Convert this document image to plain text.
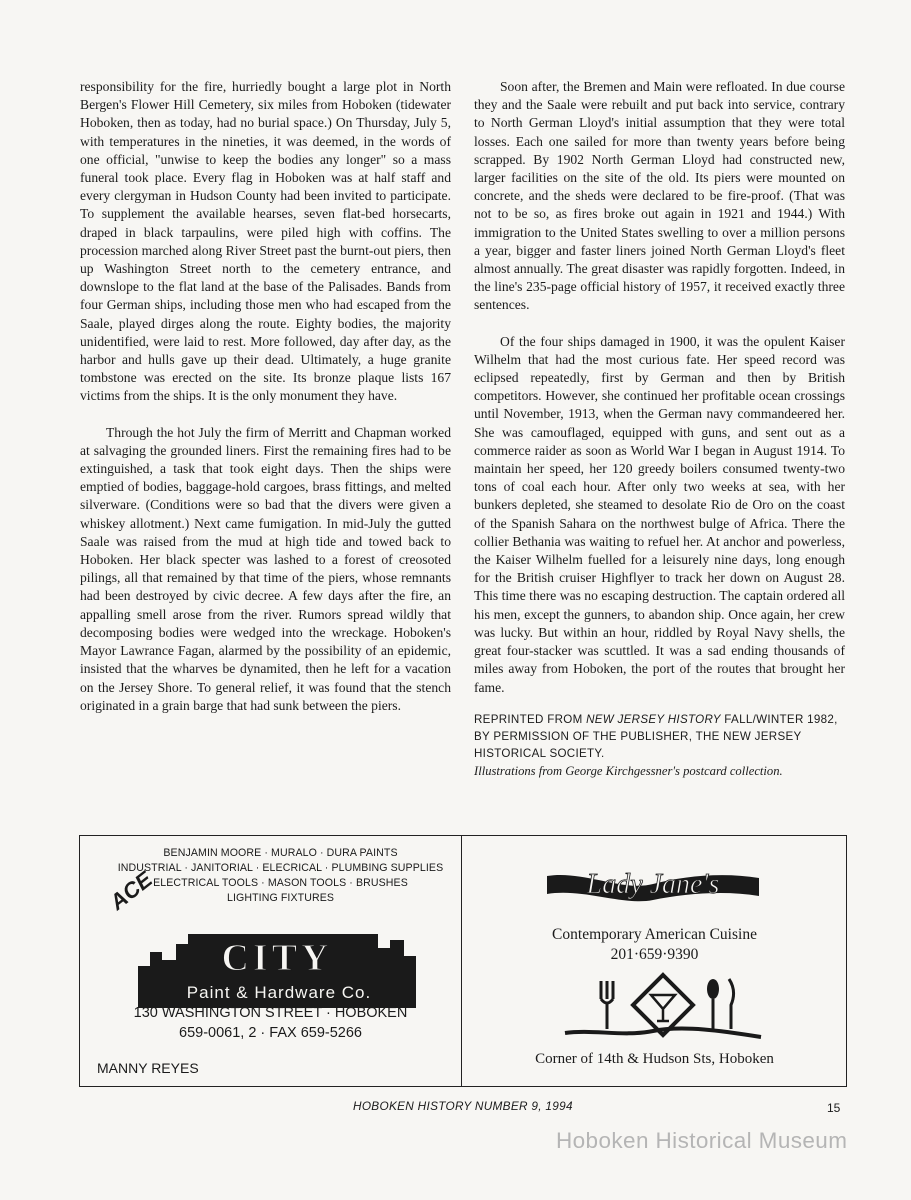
responsibility for the fire, hurriedly bought a large plot in North Bergen's Flower Hill Cemetery, six miles from Hoboken (tidewater Hoboken, then as today, had no burial space.) On Thursday, July 5, with temperatures in the nineties, it was deemed, in the words of one official, "unwise to keep the bodies any longer" so a mass funeral took place. Every flag in Hoboken was at half staff and every clergyman in Hudson County had been invited to participate. To supplement the available hearses, seven flat-bed horsecarts, draped in black tarpaulins, were piled high with coffins. The procession marched along River Street past the burnt-out piers, then up Washington Street north to the cemetery entrance, and downslope to the flat land at the base of the Palisades. Bands from four German ships, including those men who had escaped from the Saale, played dirges along the route. Eighty bodies, the majority unidentified, were laid to rest. More followed, day after day, as the harbor and hulls gave up their dead. Ultimately, a huge granite tombstone was erected on the site. Its bronze plaque lists 167 victims from the ships. It is the only monument they have.

Through the hot July the firm of Merritt and Chapman worked at salvaging the grounded liners. First the remaining fires had to be extinguished, a task that took eight days. Then the ships were emptied of bodies, baggage-hold cargoes, brass fittings, and melted silverware. (Conditions were so bad that the divers were given a whiskey allotment.) Next came fumigation. In mid-July the gutted Saale was raised from the mud at high tide and towed back to Hoboken. Her black specter was lashed to a forest of creosoted pilings, all that remained by that time of the piers, whose remnants had been destroyed by civic decree. A few days after the fire, an appalling smell arose from the river. Rumors spread wildly that decomposing bodies were wedged into the wreckage. Hoboken's Mayor Lawrance Fagan, alarmed by the possibility of an epidemic, insisted that the wharves be dynamited, then he left for a vacation on the Jersey Shore. To general relief, it was found that the stench originated in a grain barge that had sunk between the piers.

Soon after, the Bremen and Main were refloated. In due course they and the Saale were rebuilt and put back into service, contrary to North German Lloyd's initial assumption that they were total losses. Each one sailed for more than twenty years before being scrapped. By 1902 North German Lloyd had constructed new, larger facilities on the site of the old. Its piers were mounted on concrete, and the sheds were declared to be fire-proof. (That was not to be so, as fires broke out again in 1921 and 1944.) With immigration to the United States swelling to over a million persons a year, bigger and faster liners joined North German Lloyd's fleet almost annually. The great disaster was rapidly forgotten. Indeed, in the line's 235-page official history of 1957, it received exactly three sentences.

Of the four ships damaged in 1900, it was the opulent Kaiser Wilhelm that had the most curious fate. Her speed record was eclipsed repeatedly, first by German and then by British competitors. However, she continued her profitable ocean crossings until November, 1913, when the German navy commandeered her. She was camouflaged, equipped with guns, and sent out as a commerce raider as soon as World War I began in August 1914. To maintain her speed, her 120 greedy boilers consumed twenty-two tons of coal each hour. After only two weeks at sea, with her bunkers depleted, she steamed to desolate Rio de Oro on the coast of the Spanish Sahara on the northwest bulge of Africa. There the collier Bethania was waiting to refuel her. At anchor and powerless, the Kaiser Wilhelm fuelled for a leisurely nine days, long enough for the British cruiser Highflyer to track her down on August 28. This time there was no escaping destruction. The captain ordered all his men, except the gunners, to abandon ship. Once again, her crew was lucky. But within an hour, riddled by Royal Navy shells, the great four-stacker was scuttled. It was a sad ending thousands of miles away from Hoboken, the port of the routes that brought her fame.

REPRINTED FROM NEW JERSEY HISTORY FALL/WINTER 1982, BY PERMISSION OF THE PUBLISHER, THE NEW JERSEY HISTORICAL SOCIETY.

Illustrations from George Kirchgessner's postcard collection.

ACE
BENJAMIN MOORE · MURALO · DURA PAINTS
INDUSTRIAL · JANITORIAL · ELECRICAL · PLUMBING SUPPLIES
ELECTRICAL TOOLS · MASON TOOLS · BRUSHES
LIGHTING FIXTURES
CITY
Paint & Hardware Co.
130 WASHINGTON STREET · HOBOKEN
659-0061, 2 · FAX 659-5266
MANNY REYES
Lady Jane's
Contemporary American Cuisine
201·659·9390
Corner of 14th & Hudson Sts, Hoboken
HOBOKEN HISTORY NUMBER 9, 1994	15
Hoboken Historical Museum
